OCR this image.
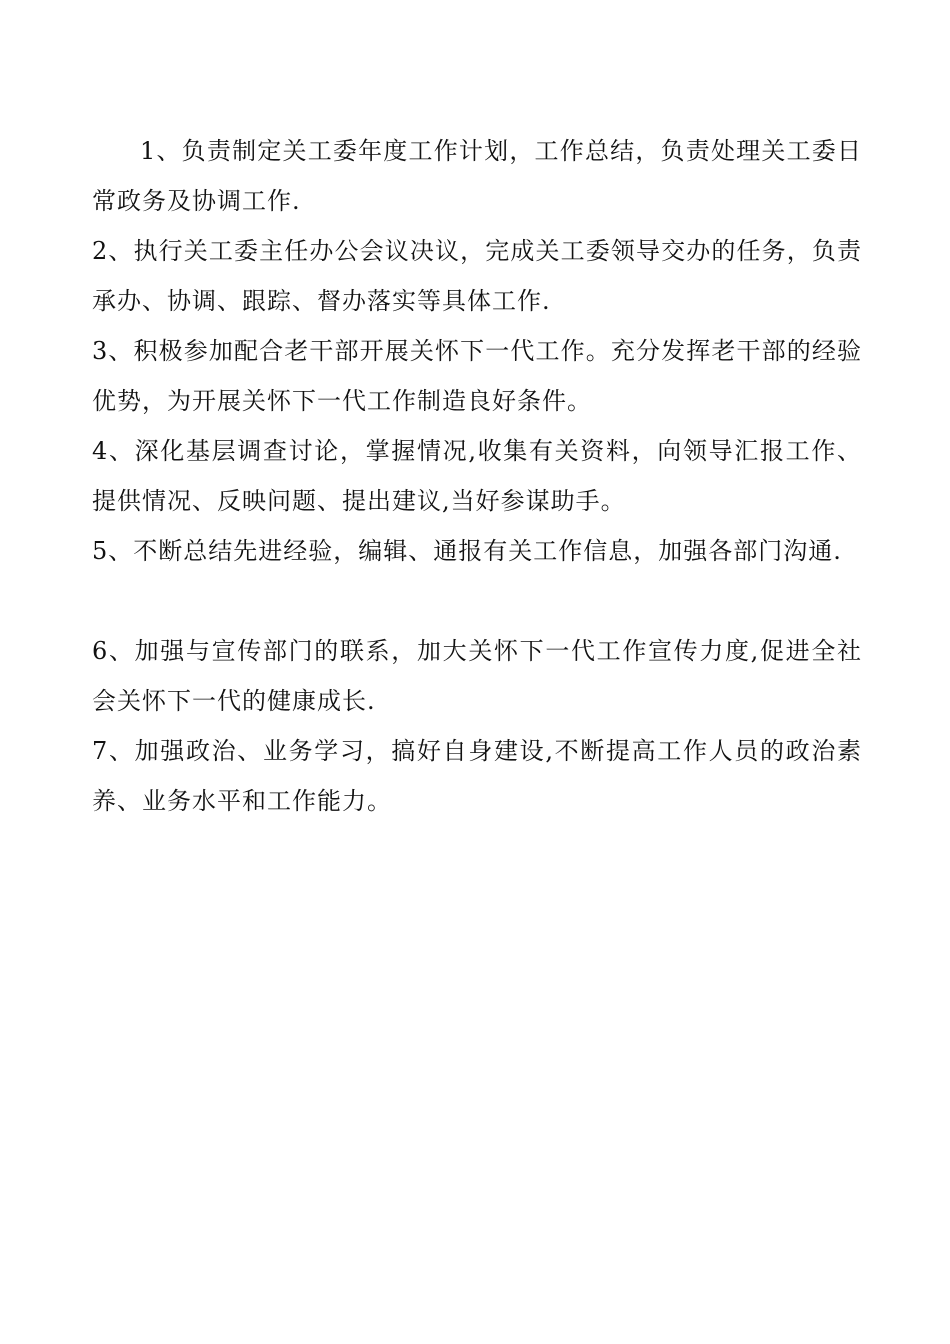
1、负责制定关工委年度工作计划，工作总结，负责处理关工委日常政务及协调工作.

2、执行关工委主任办公会议决议，完成关工委领导交办的任务，负责承办、协调、跟踪、督办落实等具体工作.

3、积极参加配合老干部开展关怀下一代工作。充分发挥老干部的经验优势，为开展关怀下一代工作制造良好条件。

4、深化基层调查讨论，掌握情况,收集有关资料，向领导汇报工作、提供情况、反映问题、提出建议,当好参谋助手。

5、不断总结先进经验，编辑、通报有关工作信息，加强各部门沟通.

6、加强与宣传部门的联系，加大关怀下一代工作宣传力度,促进全社会关怀下一代的健康成长.

7、加强政治、业务学习，搞好自身建设,不断提高工作人员的政治素养、业务水平和工作能力。
